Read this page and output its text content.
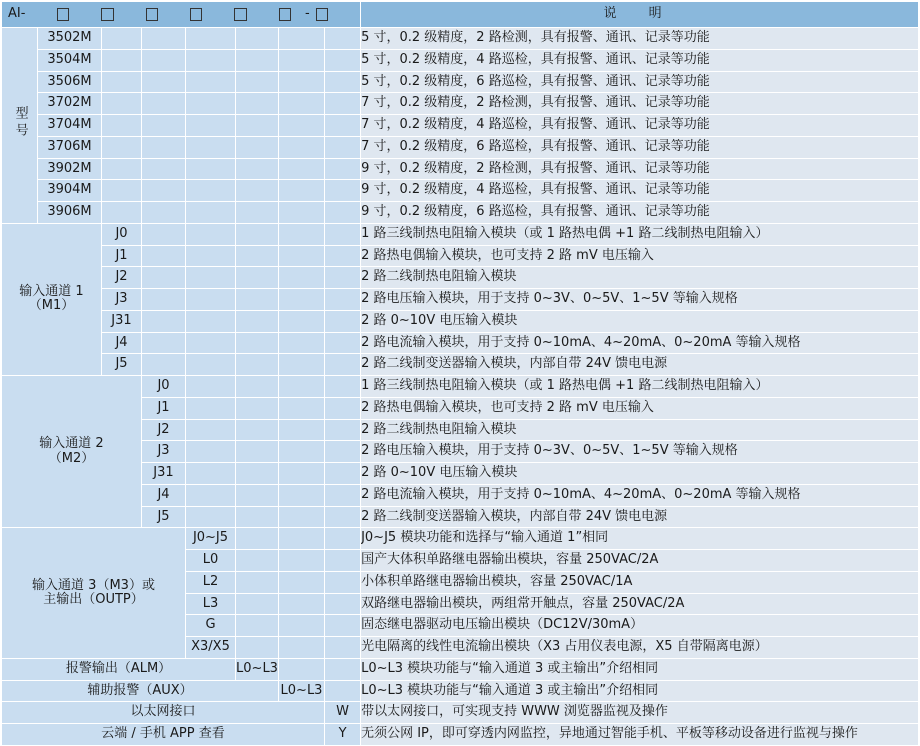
AI- -								说 明
型号	3502M							5 寸，0.2 级精度，2 路检测，具有报警、通讯、记录等功能
	3504M							5 寸，0.2 级精度，4 路巡检，具有报警、通讯、记录等功能
	3506M							5 寸，0.2 级精度，6 路巡检，具有报警、通讯、记录等功能
	3702M							7 寸，0.2 级精度，2 路检测，具有报警、通讯、记录等功能
	3704M							7 寸，0.2 级精度，4 路巡检，具有报警、通讯、记录等功能
	3706M							7 寸，0.2 级精度，6 路巡检，具有报警、通讯、记录等功能
	3902M							9 寸，0.2 级精度，2 路检测，具有报警、通讯、记录等功能
	3904M							9 寸，0.2 级精度，4 路巡检，具有报警、通讯、记录等功能
	3906M							9 寸，0.2 级精度，6 路巡检，具有报警、通讯、记录等功能

输入通道 1
（M1）		J0						1 路三线制热电阻输入模块（或 1 路热电偶 +1 路二线制热电阻输入）
		J1						2 路热电偶输入模块，也可支持 2 路 mV 电压输入
		J2						2 路二线制热电阻输入模块
		J3						2 路电压输入模块，用于支持 0~3V、0~5V、1~5V 等输入规格
		J31						2 路 0~10V 电压输入模块
		J4						2 路电流输入模块，用于支持 0~10mA、4~20mA、0~20mA 等输入规格
		J5						2 路二线制变送器输入模块，内部自带 24V 馈电电源

输入通道 2
（M2）			J0					1 路三线制热电阻输入模块（或 1 路热电偶 +1 路二线制热电阻输入）
			J1					2 路热电偶输入模块，也可支持 2 路 mV 电压输入
			J2					2 路二线制热电阻输入模块
			J3					2 路电压输入模块，用于支持 0~3V、0~5V、1~5V 等输入规格
			J31					2 路 0~10V 电压输入模块
			J4					2 路电流输入模块，用于支持 0~10mA、4~20mA、0~20mA 等输入规格
			J5					2 路二线制变送器输入模块，内部自带 24V 馈电电源

输入通道 3（M3）或
主输出（OUTP）				J0~J5				J0~J5 模块功能和选择与“输入通道 1”相同
				L0				国产大体积单路继电器输出模块，容量 250VAC/2A
				L2				小体积单路继电器输出模块，容量 250VAC/1A
				L3				双路继电器输出模块，两组常开触点，容量 250VAC/2A
				G				固态继电器驱动电压输出模块（DC12V/30mA）
				X3/X5				光电隔离的线性电流输出模块（X3 占用仪表电源，X5 自带隔离电源）
报警输出（ALM）					L0~L3			L0~L3 模块功能与“输入通道 3 或主输出”介绍相同
辅助报警（AUX）						L0~L3		L0~L3 模块功能与“输入通道 3 或主输出”介绍相同
以太网接口							W	带以太网接口，可实现支持 WWW 浏览器监视及操作
云端 / 手机 APP 查看							Y	无须公网 IP，即可穿透内网监控，异地通过智能手机、平板等移动设备进行监视与操作
